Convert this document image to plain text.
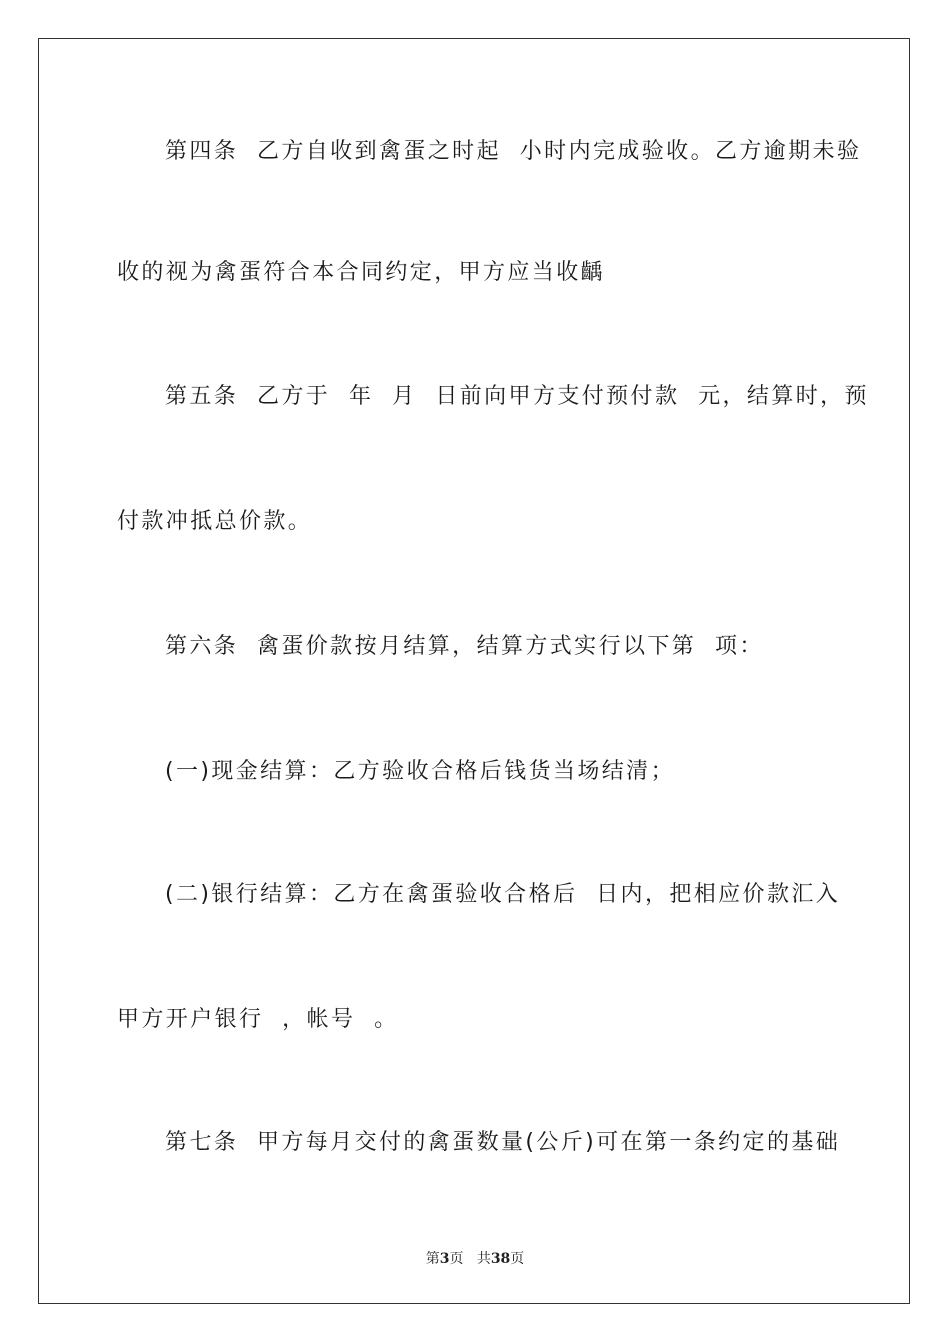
第四条  乙方自收到禽蛋之时起  小时内完成验收。乙方逾期未验
收的视为禽蛋符合本合同约定，甲方应当收齲
第五条  乙方于  年  月  日前向甲方支付预付款  元，结算时，预
付款冲抵总价款。
第六条  禽蛋价款按月结算，结算方式实行以下第  项：
(一)现金结算：乙方验收合格后钱货当场结清；
(二)银行结算：乙方在禽蛋验收合格后  日内，把相应价款汇入
甲方开户银行  ，帐号  。
第七条  甲方每月交付的禽蛋数量(公斤)可在第一条约定的基础
第3页 共38页
